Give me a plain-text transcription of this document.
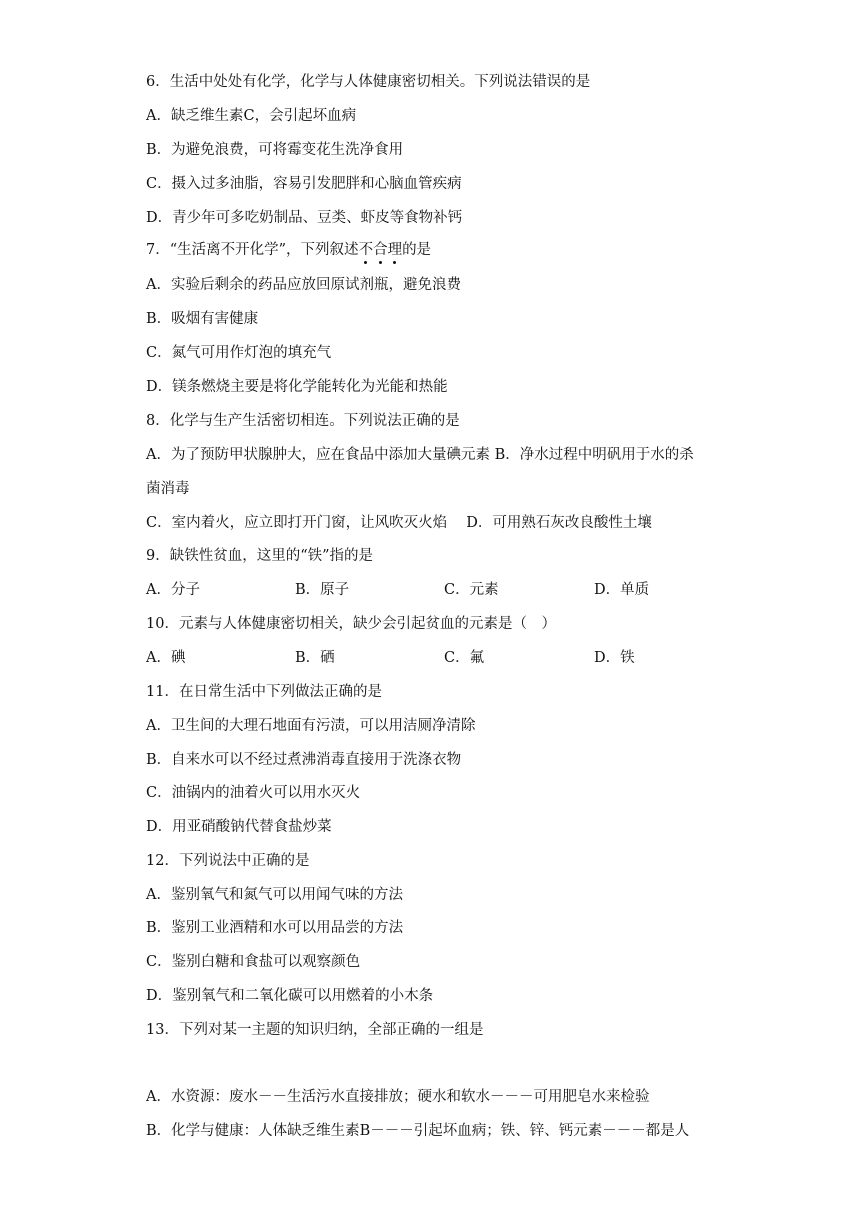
6．生活中处处有化学，化学与人体健康密切相关。下列说法错误的是
A．缺乏维生素C，会引起坏血病
B．为避免浪费，可将霉变花生洗净食用
C．摄入过多油脂，容易引发肥胖和心脑血管疾病
D．青少年可多吃奶制品、豆类、虾皮等食物补钙
7．“生活离不开化学”，下列叙述不合理的是
A．实验后剩余的药品应放回原试剂瓶，避免浪费
B．吸烟有害健康
C．氮气可用作灯泡的填充气
D．镁条燃烧主要是将化学能转化为光能和热能
8．化学与生产生活密切相连。下列说法正确的是
A．为了预防甲状腺肿大，应在食品中添加大量碘元素 B．净水过程中明矾用于水的杀
菌消毒
C．室内着火，应立即打开门窗，让风吹灭火焰　 D．可用熟石灰改良酸性土壤
9．缺铁性贫血，这里的“铁”指的是
A．分子	B．原子	C．元素	D．单质
10．元素与人体健康密切相关，缺少会引起贫血的元素是（　）
A．碘	B．硒	C．氟	D．铁
11．在日常生活中下列做法正确的是
A．卫生间的大理石地面有污渍，可以用洁厕净清除
B．自来水可以不经过煮沸消毒直接用于洗涤衣物
C．油锅内的油着火可以用水灭火
D．用亚硝酸钠代替食盐炒菜
12．下列说法中正确的是
A．鉴别氧气和氮气可以用闻气味的方法
B．鉴别工业酒精和水可以用品尝的方法
C．鉴别白糖和食盐可以观察颜色
D．鉴别氧气和二氧化碳可以用燃着的小木条
13．下列对某一主题的知识归纳，全部正确的一组是
A．水资源：废水－－生活污水直接排放；硬水和软水－－－可用肥皂水来检验
B．化学与健康：人体缺乏维生素B－－－引起坏血病；铁、锌、钙元素－－－都是人
